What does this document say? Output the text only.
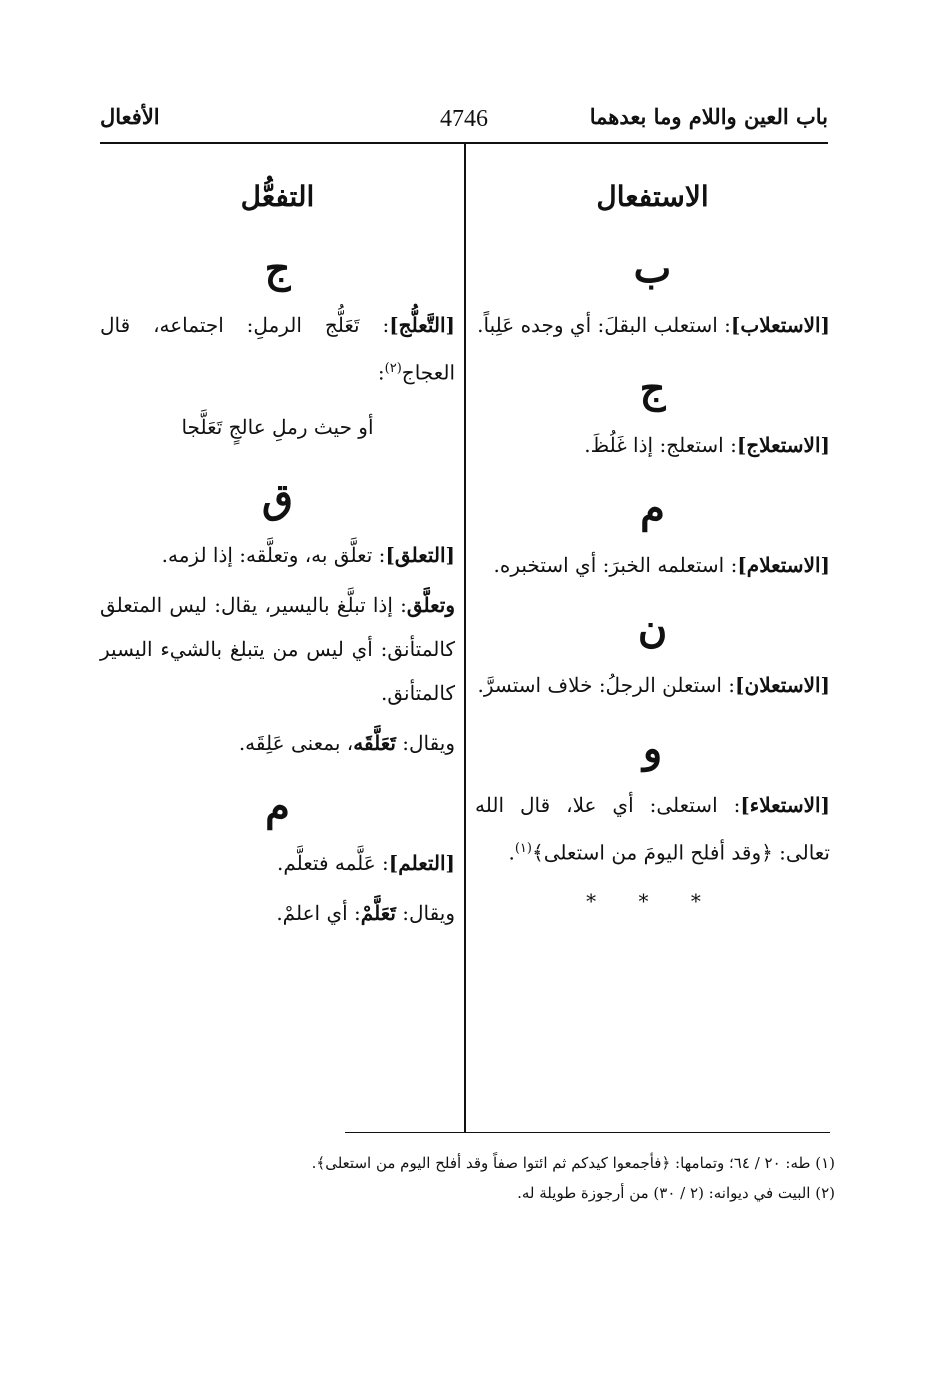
باب العين واللام وما بعدهما
4746
الأفعال
الاستفعال
ب

[الاستعلاب]: استعلب البقلَ: أي وجده عَلِباً.

ج

[الاستعلاج]: استعلج: إذا غَلُظَ.

م

[الاستعلام]: استعلمه الخبرَ: أي استخبره.

ن

[الاستعلان]: استعلن الرجلُ: خلاف استسرَّ.

و

[الاستعلاء]: استعلى: أي علا، قال الله تعالى: ﴿وقد أفلح اليومَ من استعلى﴾$^{(١)}$.

* * *
التفعُّل
ج

[التَّعلُّج]: تَعَلُّج الرملِ: اجتماعه، قال العجاج$^{(٢)}$:

أو حيث رملِ عالجٍ تَعَلَّجا

ق

[التعلق]: تعلَّق به، وتعلَّقه: إذا لزمه.

وتعلَّق: إذا تبلَّغ باليسير، يقال: ليس المتعلق كالمتأنق: أي ليس من يتبلغ بالشيء اليسير كالمتأنق.

ويقال: تَعَلَّقَه، بمعنى عَلِقَه.

م

[التعلم]: عَلَّمه فتعلَّم.

ويقال: تَعَلَّمْ: أي اعلمْ.

(١) طه: ٢٠ / ٦٤؛ وتمامها: ﴿فأجمعوا كيدكم ثم ائتوا صفاً وقد أفلح اليوم من استعلى﴾.
(٢) البيت في ديوانه: (٢ / ٣٠) من أرجوزة طويلة له.
